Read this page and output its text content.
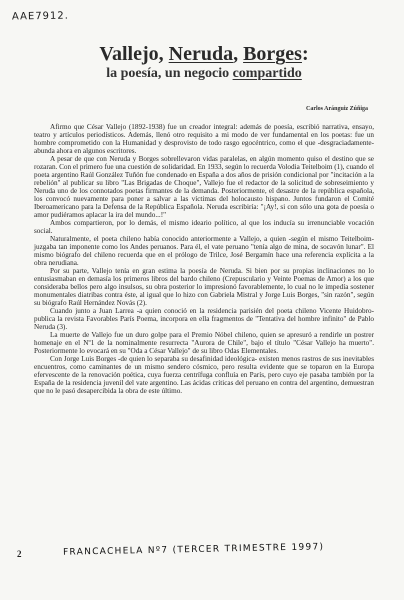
AAE7912.
Vallejo, Neruda, Borges:
la poesía, un negocio compartido
Carlos Aránguiz Zúñiga

Afirmo que César Vallejo (1892-1938) fue un creador integral: además de poesía, escribió narrativa, ensayo, teatro y artículos periodísticos. Además, llenó otro requisito a mi modo de ver fundamental en los poetas: fue un hombre comprometido con la Humanidad y desprovisto de todo rasgo egocéntrico, como el que -desgraciadamente- abunda ahora en algunos escritores.

A pesar de que con Neruda y Borges sobrellevaron vidas paralelas, en algún momento quiso el destino que se rozaran. Con el primero fue una cuestión de solidaridad. En 1933, según lo recuerda Volodia Teitelboim (1), cuando el poeta argentino Raúl González Tuñón fue condenado en España a dos años de prisión condicional por "incitación a la rebelión" al publicar su libro "Las Brigadas de Choque", Vallejo fue el redactor de la solicitud de sobreseimiento y Neruda uno de los connotados poetas firmantes de la demanda. Posteriormente, el desastre de la república española, los convocó nuevamente para poner a salvar a las víctimas del holocausto hispano. Juntos fundaron el Comité Iberoamericano para la Defensa de la República Española. Neruda escribiría: "¡Ay!, si con sólo una gota de poesía o amor pudiéramos aplacar la ira del mundo...!"

Ambos compartieron, por lo demás, el mismo ideario político, al que los inducía su irrenunciable vocación social.

Naturalmente, el poeta chileno había conocido anteriormente a Vallejo, a quien -según el mismo Teitelboim- juzgaba tan imponente como los Andes peruanos. Para él, el vate peruano "tenía algo de mina, de socavón lunar". El mismo biógrafo del chileno recuerda que en el prólogo de Trilce, José Bergamín hace una referencia explícita a la obra nerudiana.

Por su parte, Vallejo tenía en gran estima la poesía de Neruda. Si bien por su propias inclinaciones no lo entusiasmaban en demasía los primeros libros del bardo chileno (Crepusculario y Veinte Poemas de Amor) a los que consideraba bellos pero algo insulsos, su obra posterior lo impresionó favorablemente, lo cual no le impedía sostener monumentales diatribas contra éste, al igual que lo hizo con Gabriela Mistral y Jorge Luis Borges, "sin razón", según su biógrafo Raúl Hernández Novás (2).

Cuando junto a Juan Larrea -a quien conoció en la residencia parisién del poeta chileno Vicente Huidobro- publica la revista Favorables París Poema, incorpora en ella fragmentos de "Tentativa del hombre infinito" de Pablo Neruda (3).

La muerte de Vallejo fue un duro golpe para el Premio Nóbel chileno, quien se apresuró a rendirle un postrer homenaje en el Nº1 de la nominalmente resurrecta "Aurora de Chile", bajo el título "César Vallejo ha muerto". Posteriormente lo evocará en su "Oda a César Vallejo" de su libro Odas Elementales.

Con Jorge Luis Borges -de quien lo separaba su desafinidad ideológica- existen menos rastros de sus inevitables encuentros, como caminantes de un mismo sendero cósmico, pero resulta evidente que se toparon en la Europa efervescente de la renovación poética, cuya fuerza centrífuga confluía en París, pero cuyo eje pasaba también por la España de la residencia juvenil del vate argentino. Las ácidas críticas del peruano en contra del argentino, demuestran que no le pasó desapercibida la obra de este último.

2	FRANCACHELA Nº7 (TERCER TRIMESTRE 1997)
